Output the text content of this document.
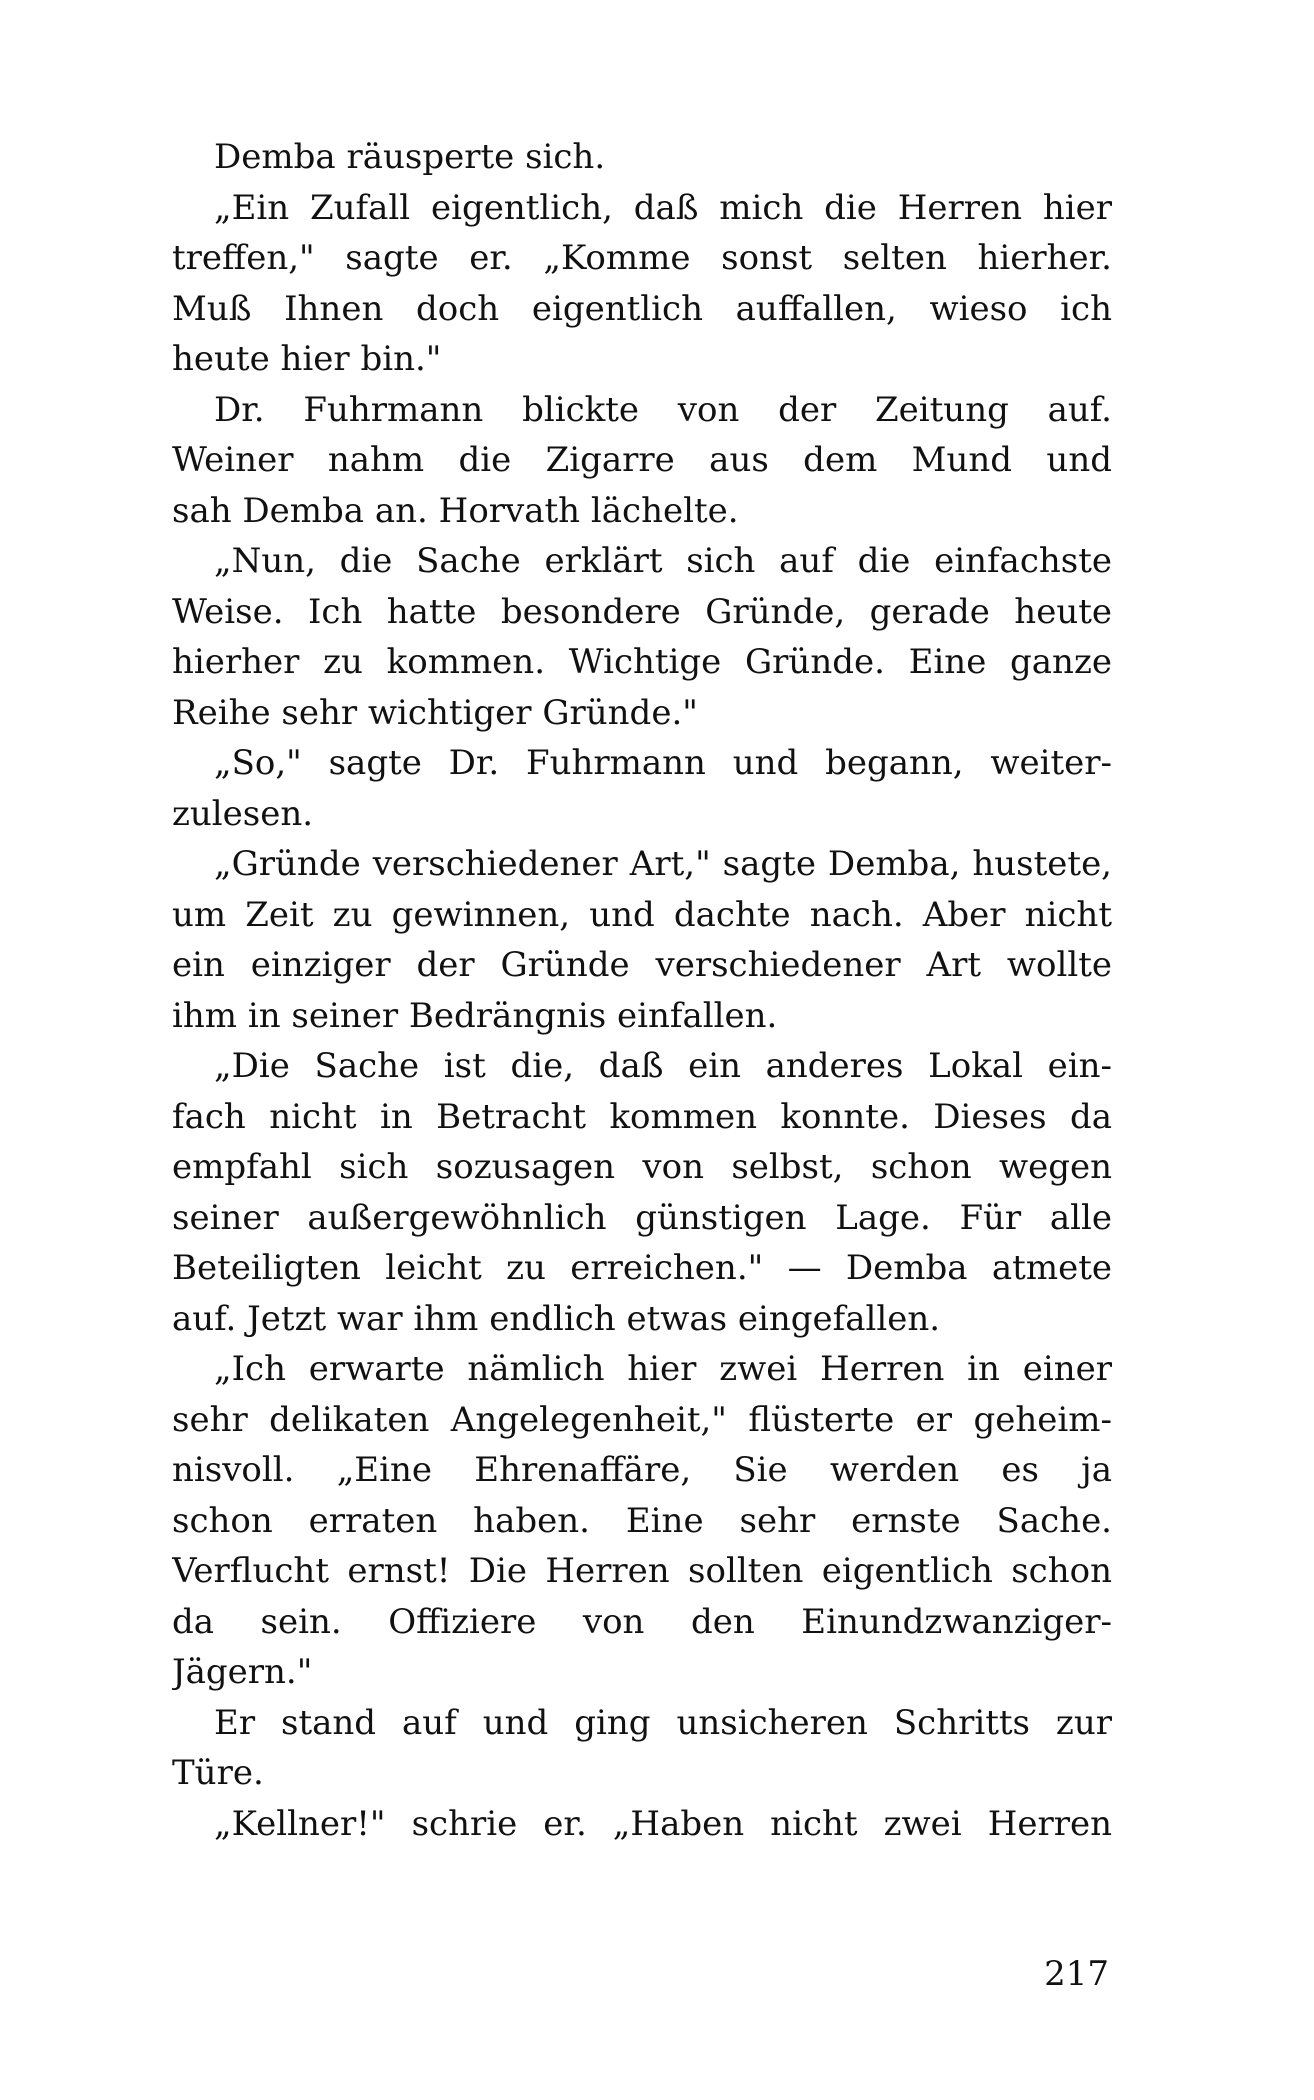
Demba räusperte sich.
„Ein Zufall eigentlich, daß mich die Herren hier
treffen," sagte er. „Komme sonst selten hierher.
Muß Ihnen doch eigentlich auffallen, wieso ich
heute hier bin."
Dr. Fuhrmann blickte von der Zeitung auf.
Weiner nahm die Zigarre aus dem Mund und
sah Demba an. Horvath lächelte.
„Nun, die Sache erklärt sich auf die einfachste
Weise. Ich hatte besondere Gründe, gerade heute
hierher zu kommen. Wichtige Gründe. Eine ganze
Reihe sehr wichtiger Gründe."
„So," sagte Dr. Fuhrmann und begann, weiter-
zulesen.
„Gründe verschiedener Art," sagte Demba, hustete,
um Zeit zu gewinnen, und dachte nach. Aber nicht
ein einziger der Gründe verschiedener Art wollte
ihm in seiner Bedrängnis einfallen.
„Die Sache ist die, daß ein anderes Lokal ein-
fach nicht in Betracht kommen konnte. Dieses da
empfahl sich sozusagen von selbst, schon wegen
seiner außergewöhnlich günstigen Lage. Für alle
Beteiligten leicht zu erreichen." — Demba atmete
auf. Jetzt war ihm endlich etwas eingefallen.
„Ich erwarte nämlich hier zwei Herren in einer
sehr delikaten Angelegenheit," flüsterte er geheim-
nisvoll. „Eine Ehrenaffäre, Sie werden es ja
schon erraten haben. Eine sehr ernste Sache.
Verflucht ernst! Die Herren sollten eigentlich schon
da sein. Offiziere von den Einundzwanziger-
Jägern."
Er stand auf und ging unsicheren Schritts zur
Türe.
„Kellner!" schrie er. „Haben nicht zwei Herren
217
